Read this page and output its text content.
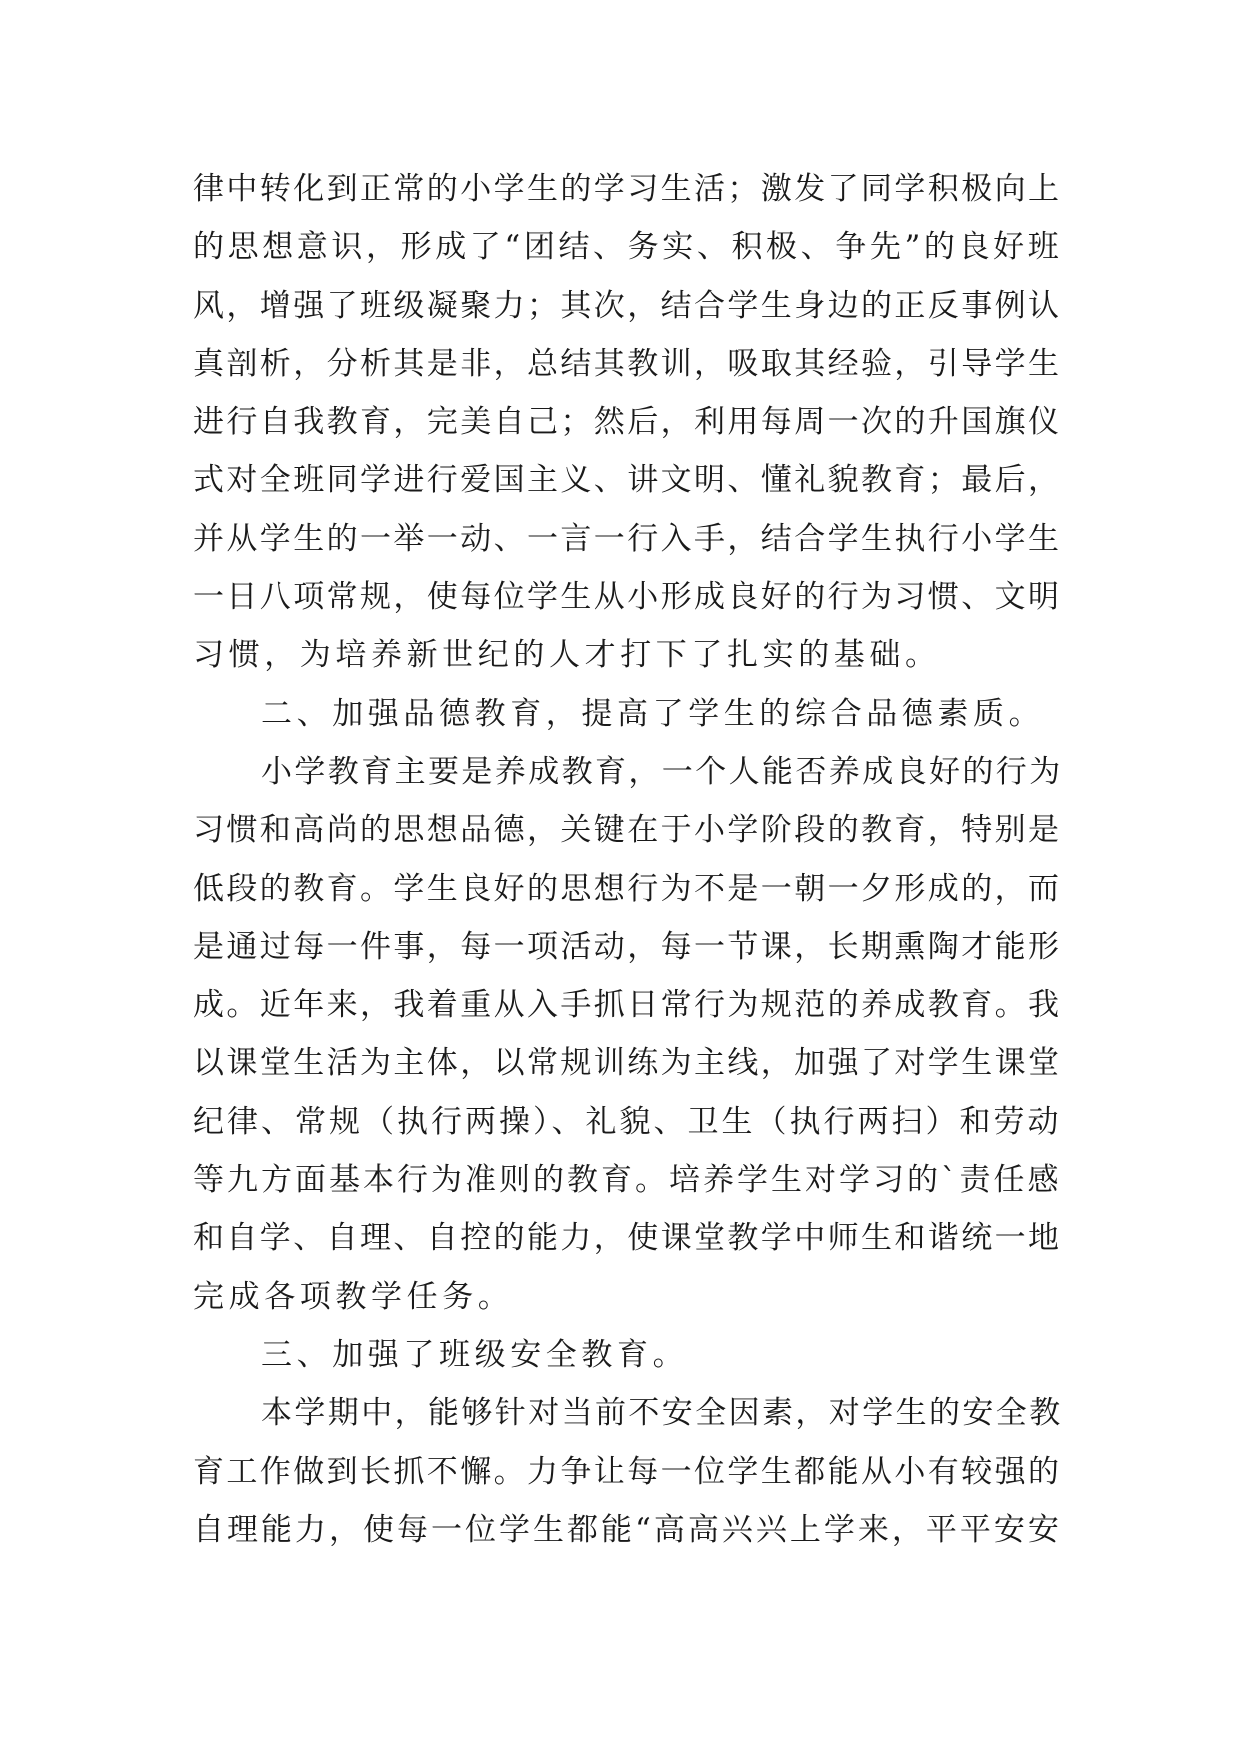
律中转化到正常的小学生的学习生活；激发了同学积极向上
的思想意识，形成了“团结、务实、积极、争先”的良好班
风，增强了班级凝聚力；其次，结合学生身边的正反事例认
真剖析，分析其是非，总结其教训，吸取其经验，引导学生
进行自我教育，完美自己；然后，利用每周一次的升国旗仪
式对全班同学进行爱国主义、讲文明、懂礼貌教育；最后，
并从学生的一举一动、一言一行入手，结合学生执行小学生
一日八项常规，使每位学生从小形成良好的行为习惯、文明
习惯，为培养新世纪的人才打下了扎实的基础。
二、加强品德教育，提高了学生的综合品德素质。
小学教育主要是养成教育，一个人能否养成良好的行为
习惯和高尚的思想品德，关键在于小学阶段的教育，特别是
低段的教育。学生良好的思想行为不是一朝一夕形成的，而
是通过每一件事，每一项活动，每一节课，长期熏陶才能形
成。近年来，我着重从入手抓日常行为规范的养成教育。我
以课堂生活为主体，以常规训练为主线，加强了对学生课堂
纪律、常规（执行两操）、礼貌、卫生（执行两扫）和劳动
等九方面基本行为准则的教育。培养学生对学习的`责任感
和自学、自理、自控的能力，使课堂教学中师生和谐统一地
完成各项教学任务。
三、加强了班级安全教育。
本学期中，能够针对当前不安全因素，对学生的安全教
育工作做到长抓不懈。力争让每一位学生都能从小有较强的
自理能力，使每一位学生都能“高高兴兴上学来，平平安安
